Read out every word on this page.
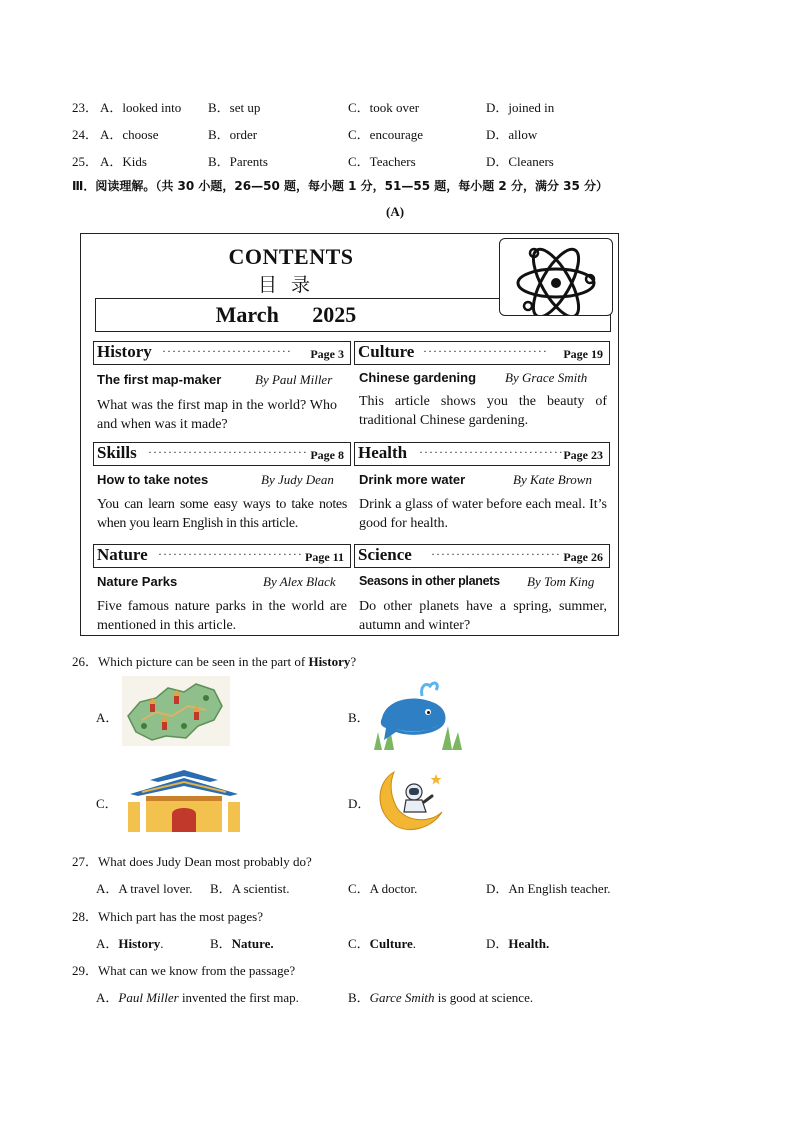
23． A．looked into B．set up	C．took over	D．joined in
24． A．choose	B．order	C．encourage	D．allow
25． A．Kids	B．Parents	C．Teachers	D．Cleaners
Ⅲ．阅读理解。（共 30 小题，26—50 题，每小题 1 分，51—55 题，每小题 2 分，满分 35 分）
(A)
CONTENTS
目录
March 2025
History ·························· Page 3
The first map-maker	By Paul Miller
What was the first map in the world? Who and when was it made?
Culture ························· Page 19
Chinese gardening By Grace Smith
This article shows you the beauty of traditional Chinese gardening.
Skills ································ Page 8
How to take notes	By Judy Dean
You can learn some easy ways to take notes when you learn English in this article.
Health ····························· Page 23
Drink more water	By Kate Brown
Drink a glass of water before each meal. It’s good for health.
Nature ····························· Page 11
Nature Parks	By Alex Black
Five famous nature parks in the world are mentioned in this article.
Science ·························· Page 26
Seasons in other planets By Tom King
Do other planets have a spring, summer, autumn and winter?
26．Which picture can be seen in the part of History?
A．	B．
C．	D．
27．What does Judy Dean most probably do?
A．A travel lover. B．A scientist.	C．A doctor.	D．An English teacher.
28．Which part has the most pages?
A．History.	B．Nature.	C．Culture.	D．Health.
29．What can we know from the passage?
A．Paul Miller invented the first map.	B．Garce Smith is good at science.
